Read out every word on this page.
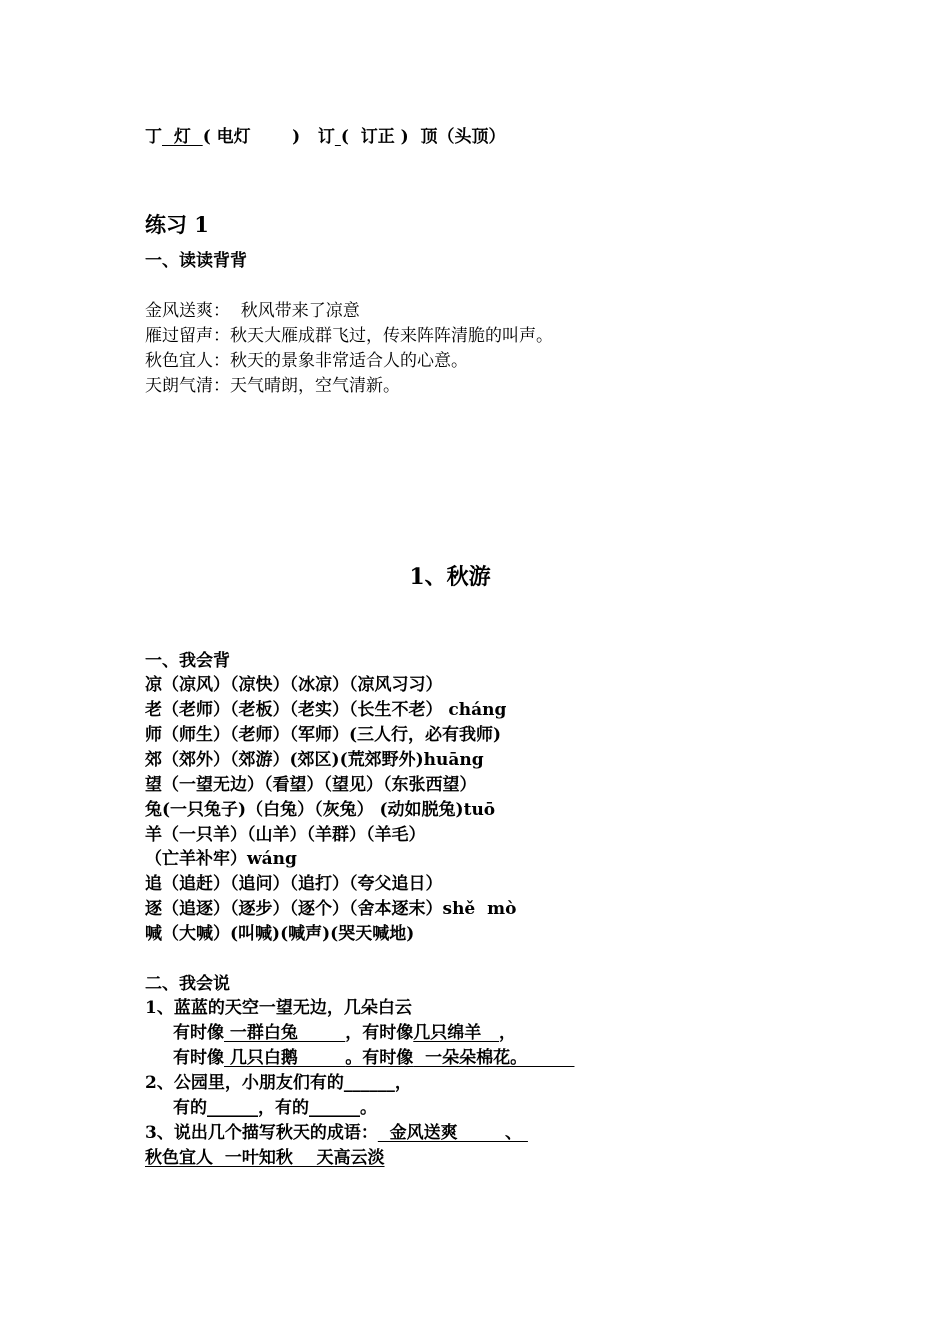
丁  灯  ( 电灯       )   订 (  订正 )  顶（头顶）
练习 1
一、读读背背
金风送爽：  秋风带来了凉意
雁过留声：秋天大雁成群飞过，传来阵阵清脆的叫声。
秋色宜人：秋天的景象非常适合人的心意。
天朗气清：天气晴朗，空气清新。
1、秋游
一、我会背
凉（凉风）（凉快）（冰凉）（凉风习习）
老（老师）（老板）（老实）（长生不老） cháng
师（师生）（老师）（军师）(三人行，必有我师)
郊（郊外）（郊游）(郊区)(荒郊野外)huāng
望（一望无边）（看望）（望见）（东张西望）
兔(一只兔子)（白兔）（灰兔） (动如脱兔)tuō
羊（一只羊）（山羊）（羊群）（羊毛）
（亡羊补牢）wáng
追（追赶）（追问）（追打）（夸父追日）
逐（追逐）（逐步）（逐个）（舍本逐末）shě  mò
喊（大喊）(叫喊)(喊声)(哭天喊地)
二、我会说
1、蓝蓝的天空一望无边，几朵白云
有时像 一群白兔        ，有时像几只绵羊   ，
有时像 几只白鹅        。有时像  一朵朵棉花。
2、公园里，小朋友们有的______，
有的______，有的______。
3、说出几个描写秋天的成语：  金风送爽        、
秋色宜人  一叶知秋    天高云淡
